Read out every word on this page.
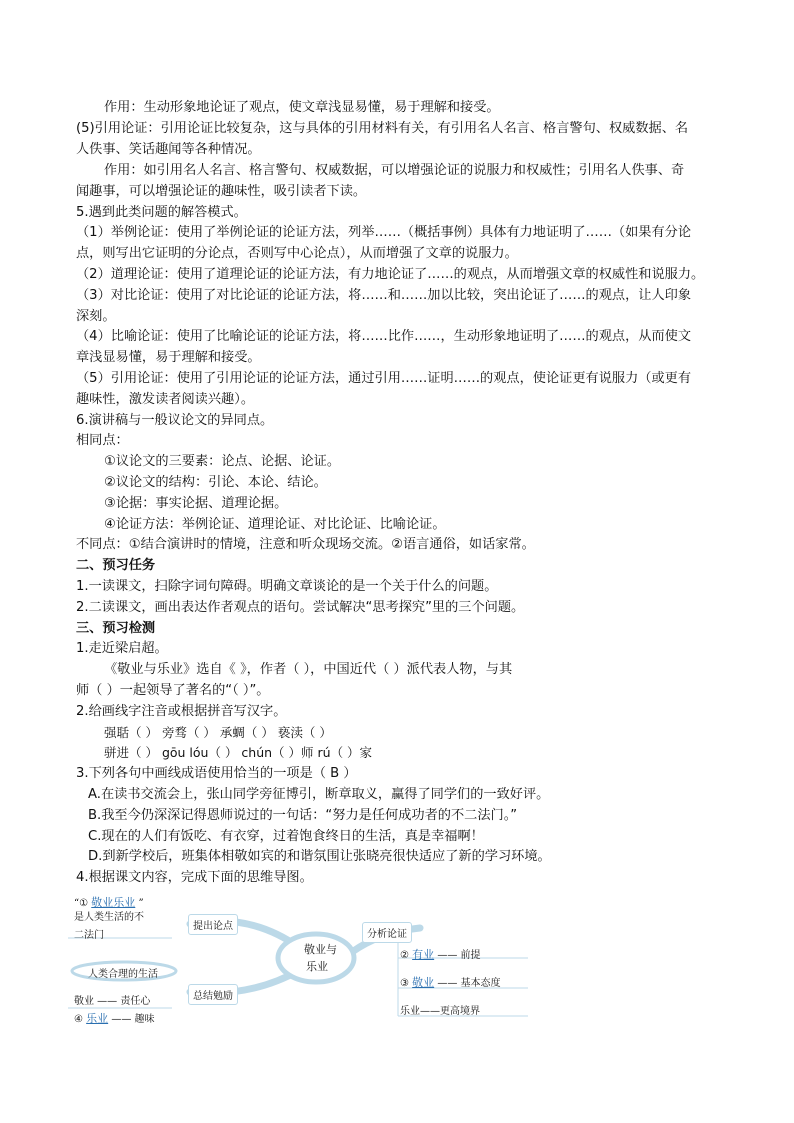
作用：生动形象地论证了观点，使文章浅显易懂，易于理解和接受。
(5)引用论证：引用论证比较复杂，这与具体的引用材料有关，有引用名人名言、格言警句、权威数据、名
人佚事、笑话趣闻等各种情况。
作用：如引用名人名言、格言警句、权威数据，可以增强论证的说服力和权威性；引用名人佚事、奇
闻趣事，可以增强论证的趣味性，吸引读者下读。
5.遇到此类问题的解答模式。
（1）举例论证：使用了举例论证的论证方法，列举……（概括事例）具体有力地证明了……（如果有分论
点，则写出它证明的分论点，否则写中心论点），从而增强了文章的说服力。
（2）道理论证：使用了道理论证的论证方法，有力地论证了……的观点，从而增强文章的权威性和说服力。
（3）对比论证：使用了对比论证的论证方法，将……和……加以比较，突出论证了……的观点，让人印象
深刻。
（4）比喻论证：使用了比喻论证的论证方法，将……比作……，生动形象地证明了……的观点，从而使文
章浅显易懂，易于理解和接受。
（5）引用论证：使用了引用论证的论证方法，通过引用……证明……的观点，使论证更有说服力（或更有
趣味性，激发读者阅读兴趣）。
6.演讲稿与一般议论文的异同点。
相同点：
①议论文的三要素：论点、论据、论证。
②议论文的结构：引论、本论、结论。
③论据：事实论据、道理论据。
④论证方法：举例论证、道理论证、对比论证、比喻论证。
不同点：①结合演讲时的情境，注意和听众现场交流。②语言通俗，如话家常。
二、预习任务
1.一读课文，扫除字词句障碍。明确文章谈论的是一个关于什么的问题。
2.二读课文，画出表达作者观点的语句。尝试解决“思考探究”里的三个问题。
三、预习检测
1.走近梁启超。
《敬业与乐业》选自《 》，作者（ ），中国近代（ ）派代表人物，与其
师（ ）一起领导了著名的“（ ）”。
2.给画线字注音或根据拼音写汉字。
强聒（ ） 旁骛（ ） 承蜩（ ） 亵渎（ ）
骈进（ ） gōu lóu（ ） chún（ ）师 rú（ ）家
3.下列各句中画线成语使用恰当的一项是（ B ）
A.在读书交流会上，张山同学旁征博引，断章取义，赢得了同学们的一致好评。
B.我至今仍深深记得恩师说过的一句话：“努力是任何成功者的不二法门。”
C.现在的人们有饭吃、有衣穿，过着饱食终日的生活，真是幸福啊！
D.到新学校后，班集体相敬如宾的和谐氛围让张晓亮很快适应了新的学习环境。
4.根据课文内容，完成下面的思维导图。
敬业与
乐业
“① 敬业乐业 ”
是人类生活的不
二法门
提出论点
总结勉励
分析论证
人类合理的生活
敬业 —— 责任心
④ 乐业 —— 趣味
② 有业 —— 前提
③ 敬业 —— 基本态度
乐业——更高境界
